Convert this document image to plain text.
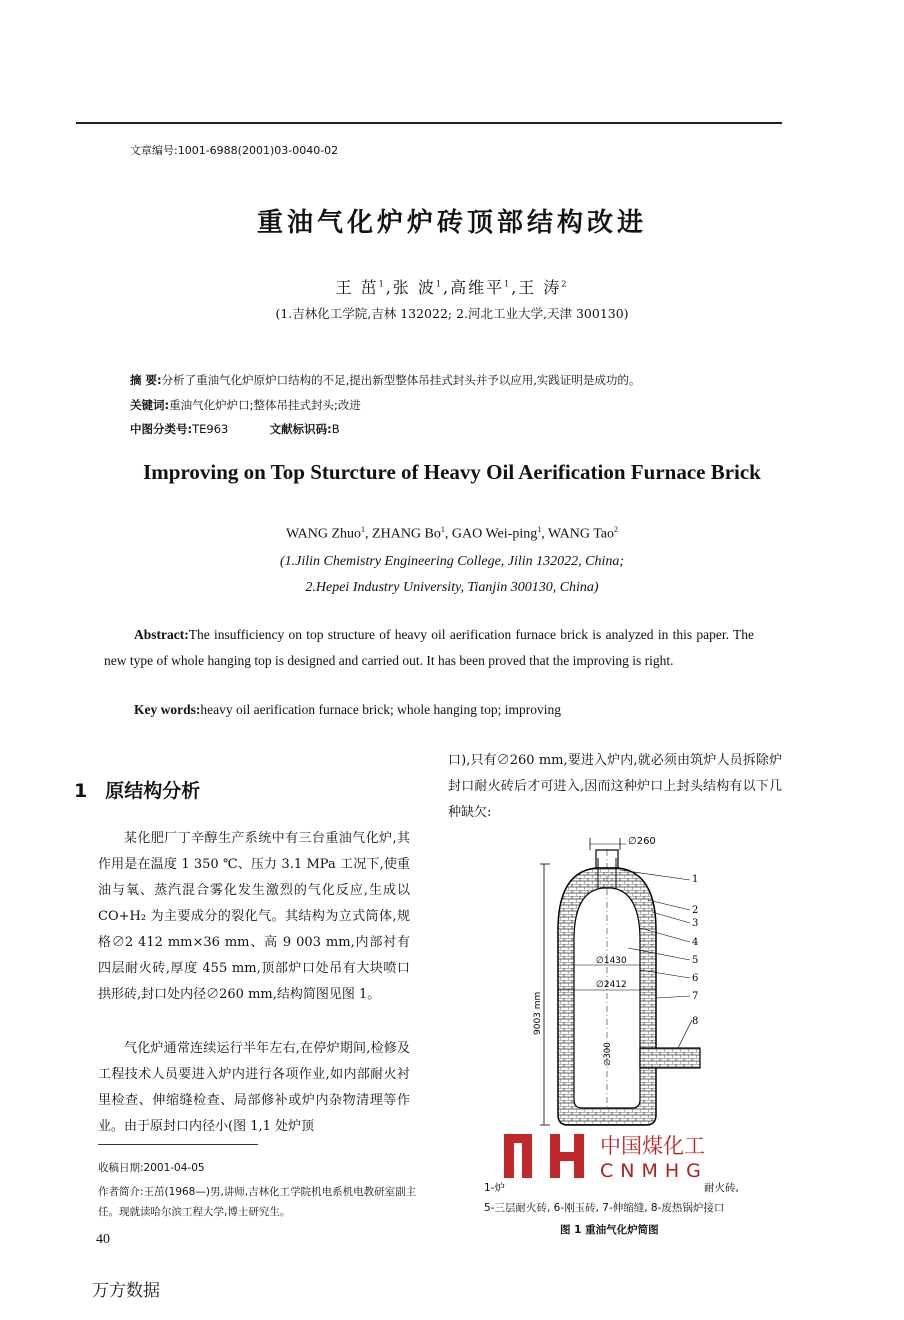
文章编号:1001-6988(2001)03-0040-02
重油气化炉炉砖顶部结构改进
王 茁$^1$,张 波$^1$,高维平$^1$,王 涛$^2$
(1.吉林化工学院,吉林 132022; 2.河北工业大学,天津 300130)
摘 要:分析了重油气化炉原炉口结构的不足,提出新型整体吊挂式封头并予以应用,实践证明是成功的。
关键词:重油气化炉炉口;整体吊挂式封头;改进
中图分类号:TE963	文献标识码:B
Improving on Top Sturcture of Heavy Oil Aerification Furnace Brick
WANG Zhuo$^1$, ZHANG Bo$^1$, GAO Wei-ping$^1$, WANG Tao$^2$
(1.Jilin Chemistry Engineering College, Jilin 132022, China;
2.Hepei Industry University, Tianjin 300130, China)
Abstract:The insufficiency on top structure of heavy oil aerification furnace brick is analyzed in this paper. The new type of whole hanging top is designed and carried out. It has been proved that the improving is right.
Key words:heavy oil aerification furnace brick; whole hanging top; improving
1 原结构分析

某化肥厂丁辛醇生产系统中有三台重油气化炉,其作用是在温度 1 350 ℃、压力 3.1 MPa 工况下,使重油与氧、蒸汽混合雾化发生激烈的气化反应,生成以 CO+H₂ 为主要成分的裂化气。其结构为立式筒体,规格∅2 412 mm×36 mm、高 9 003 mm,内部衬有四层耐火砖,厚度 455 mm,顶部炉口处吊有大块喷口拱形砖,封口处内径∅260 mm,结构简图见图 1。

气化炉通常连续运行半年左右,在停炉期间,检修及工程技术人员要进入炉内进行各项作业,如内部耐火衬里检查、伸缩缝检查、局部修补或炉内杂物清理等作业。由于原封口内径小(图 1,1 处炉顶

口),只有∅260 mm,要进入炉内,就必须由筑炉人员拆除炉封口耐火砖后才可进入,因而这种炉口上封头结构有以下几种缺欠:

收稿日期:2001-04-05
作者简介:王茁(1968—)男,讲师,吉林化工学院机电系机电教研室副主任。现就读哈尔滨工程大学,博士研究生。
40
万方数据
∅260
∅1430
∅2412
∅300
9003 mm
1
2
3
4
5
6
7
8
中国煤化工
CNMHG
1-炉	耐火砖,
5-三层耐火砖, 6-刚玉砖, 7-伸缩缝, 8-废热锅炉接口
图 1 重油气化炉简图
